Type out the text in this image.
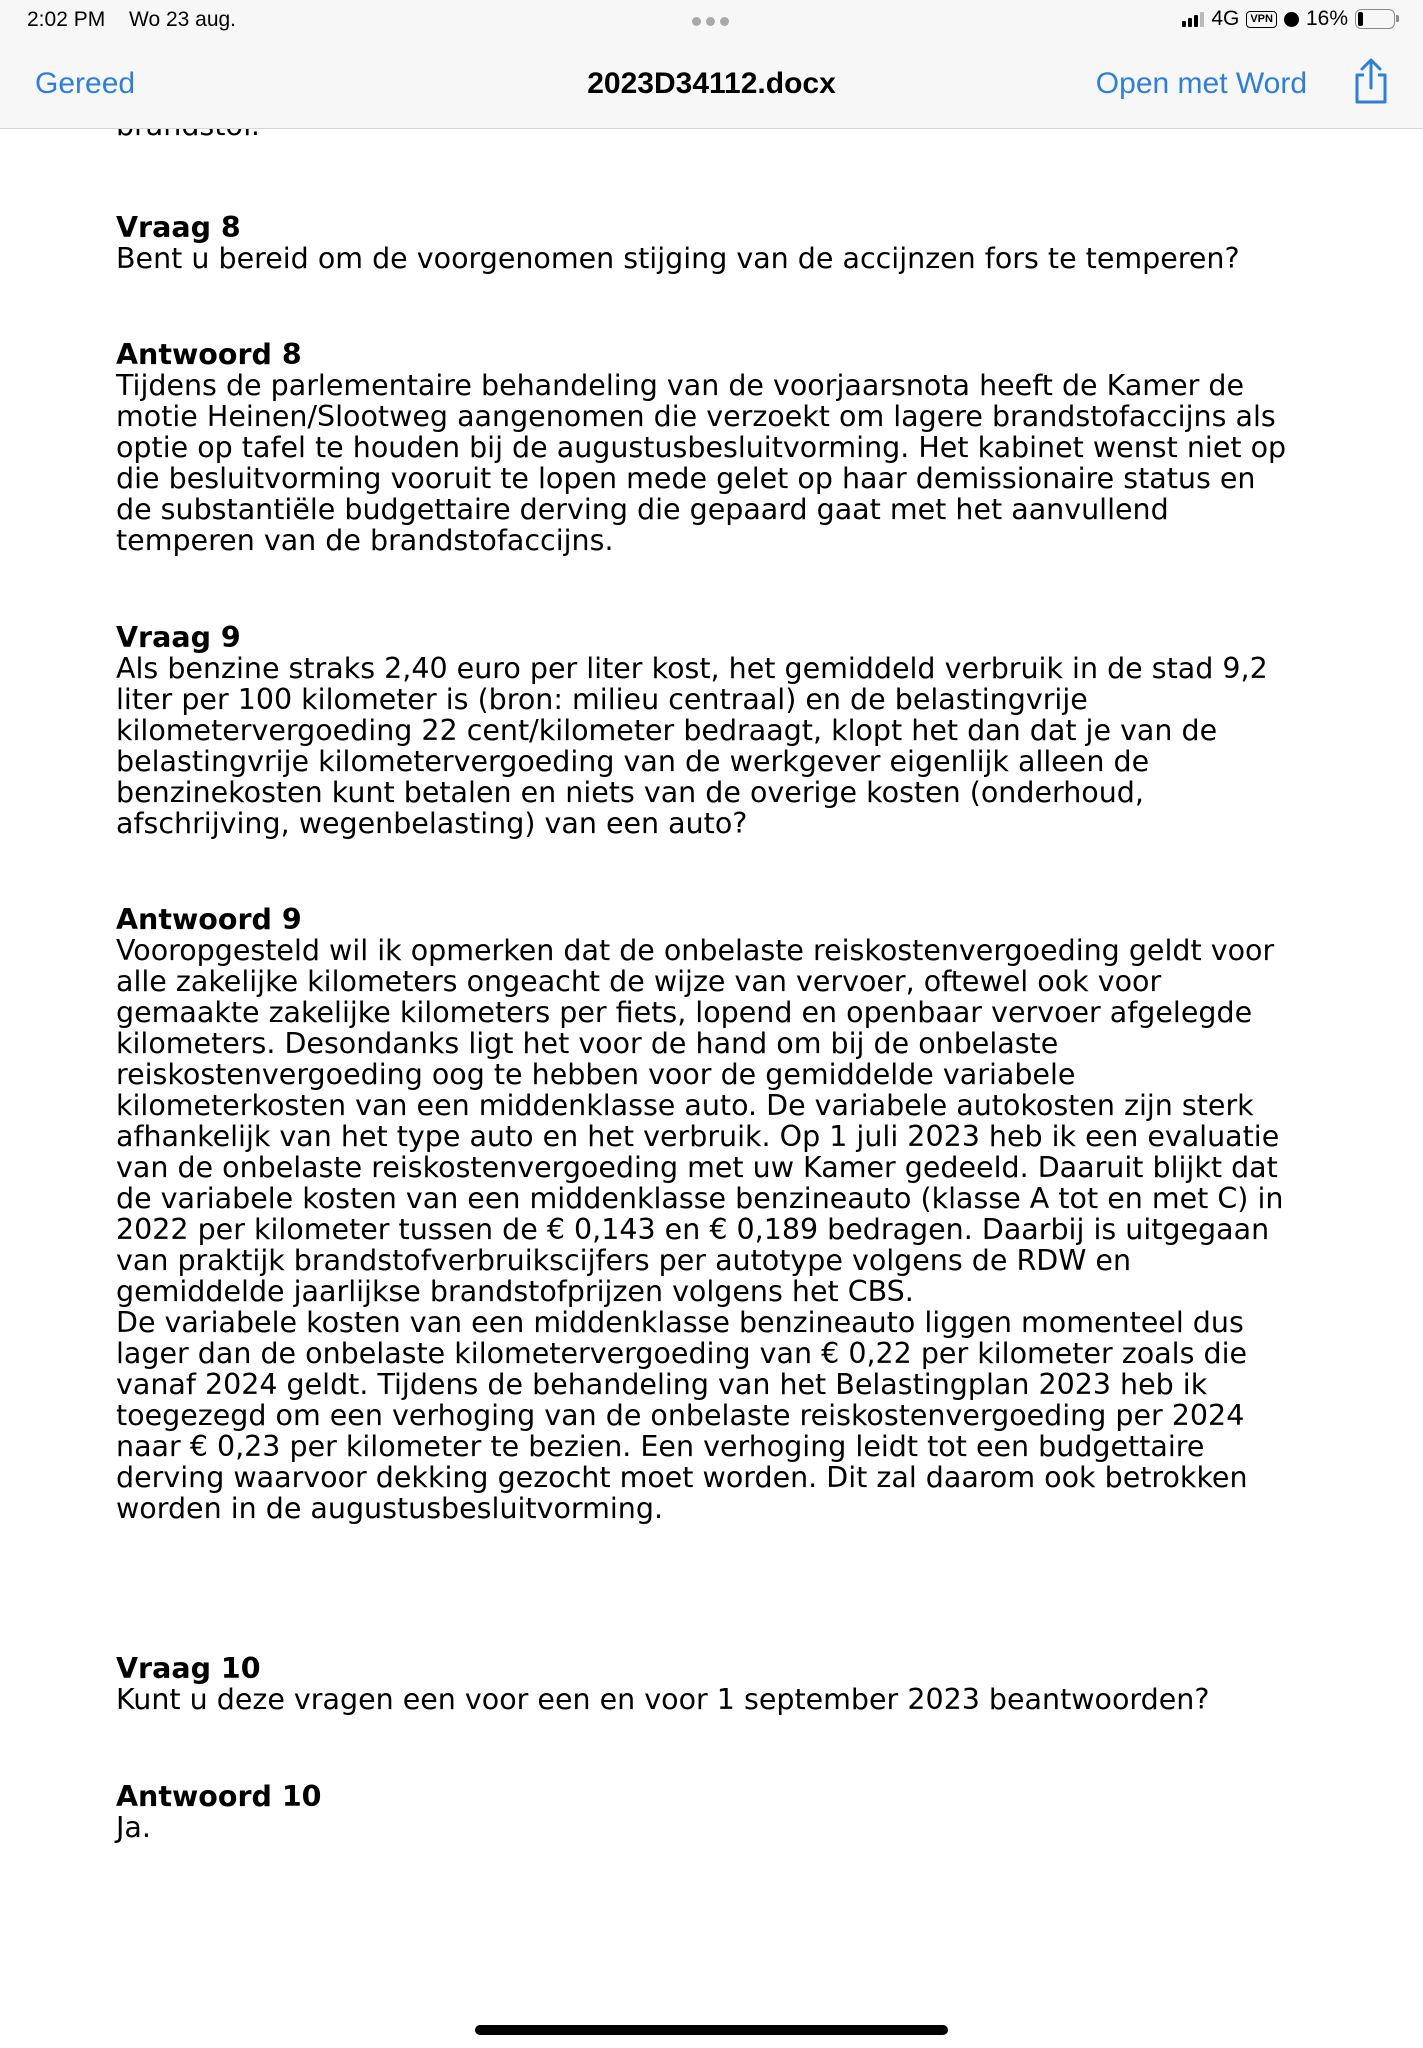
Vraag 8
Bent u bereid om de voorgenomen stijging van de accijnzen fors te temperen?
Antwoord 8
Tijdens de parlementaire behandeling van de voorjaarsnota heeft de Kamer de
motie Heinen/Slootweg aangenomen die verzoekt om lagere brandstofaccijns als
optie op tafel te houden bij de augustusbesluitvorming. Het kabinet wenst niet op
die besluitvorming vooruit te lopen mede gelet op haar demissionaire status en
de substantiële budgettaire derving die gepaard gaat met het aanvullend
temperen van de brandstofaccijns.
Vraag 9
Als benzine straks 2,40 euro per liter kost, het gemiddeld verbruik in de stad 9,2
liter per 100 kilometer is (bron: milieu centraal) en de belastingvrije
kilometervergoeding 22 cent/kilometer bedraagt, klopt het dan dat je van de
belastingvrije kilometervergoeding van de werkgever eigenlijk alleen de
benzinekosten kunt betalen en niets van de overige kosten (onderhoud,
afschrijving, wegenbelasting) van een auto?
Antwoord 9
Vooropgesteld wil ik opmerken dat de onbelaste reiskostenvergoeding geldt voor
alle zakelijke kilometers ongeacht de wijze van vervoer, oftewel ook voor
gemaakte zakelijke kilometers per fiets, lopend en openbaar vervoer afgelegde
kilometers. Desondanks ligt het voor de hand om bij de onbelaste
reiskostenvergoeding oog te hebben voor de gemiddelde variabele
kilometerkosten van een middenklasse auto. De variabele autokosten zijn sterk
afhankelijk van het type auto en het verbruik. Op 1 juli 2023 heb ik een evaluatie
van de onbelaste reiskostenvergoeding met uw Kamer gedeeld. Daaruit blijkt dat
de variabele kosten van een middenklasse benzineauto (klasse A tot en met C) in
2022 per kilometer tussen de € 0,143 en € 0,189 bedragen. Daarbij is uitgegaan
van praktijk brandstofverbruikscijfers per autotype volgens de RDW en
gemiddelde jaarlijkse brandstofprijzen volgens het CBS.
De variabele kosten van een middenklasse benzineauto liggen momenteel dus
lager dan de onbelaste kilometervergoeding van € 0,22 per kilometer zoals die
vanaf 2024 geldt. Tijdens de behandeling van het Belastingplan 2023 heb ik
toegezegd om een verhoging van de onbelaste reiskostenvergoeding per 2024
naar € 0,23 per kilometer te bezien. Een verhoging leidt tot een budgettaire
derving waarvoor dekking gezocht moet worden. Dit zal daarom ook betrokken
worden in de augustusbesluitvorming.
Vraag 10
Kunt u deze vragen een voor een en voor 1 september 2023 beantwoorden?
Antwoord 10
Ja.
2:02 PM Wo 23 aug.	4G	VPN 16%
Gereed	2023D34112.docx	Open met Word
